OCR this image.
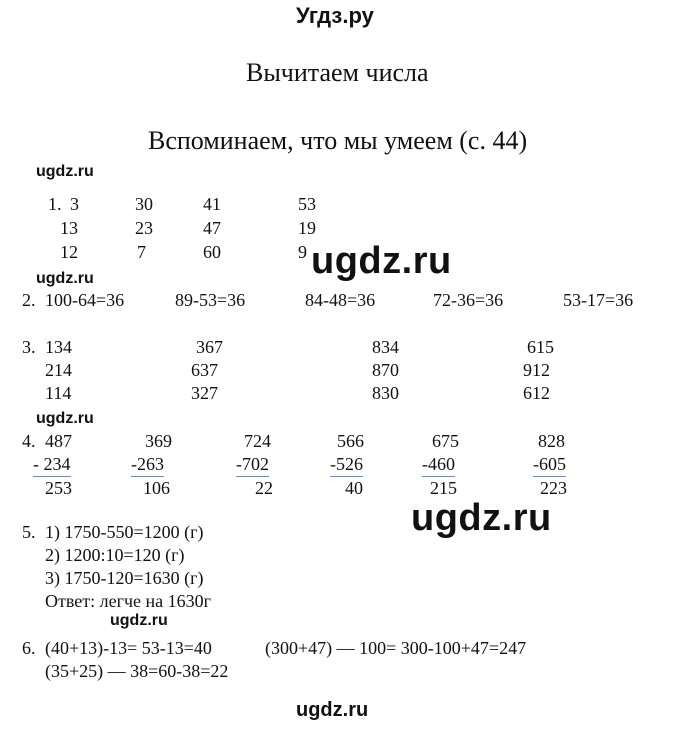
Угдз.ру
Вычитаем числа
Вспоминаем, что мы умеем (с. 44)
ugdz.ru
ugdz.ru
ugdz.ru
ugdz.ru
ugdz.ru
ugdz.ru
1. 3	30	41	53
13	23	47	19
12	7	60	9
2. 100-64=36	89-53=36	84-48=36	72-36=36	53-17=36
3. 134	367	834	615
214	637	870	912
114	327	830	612
4. 487	369	724	566	675	828
- 234	-263	-702	-526	-460	-605
253	106	22	40	215	223
5. 1) 1750-550=1200 (г)
2) 1200:10=120 (г)
3) 1750-120=1630 (г)
Ответ: легче на 1630г
6. (40+13)-13= 53-13=40	(300+47) — 100= 300-100+47=247
(35+25) — 38=60-38=22
ugdz.ru
